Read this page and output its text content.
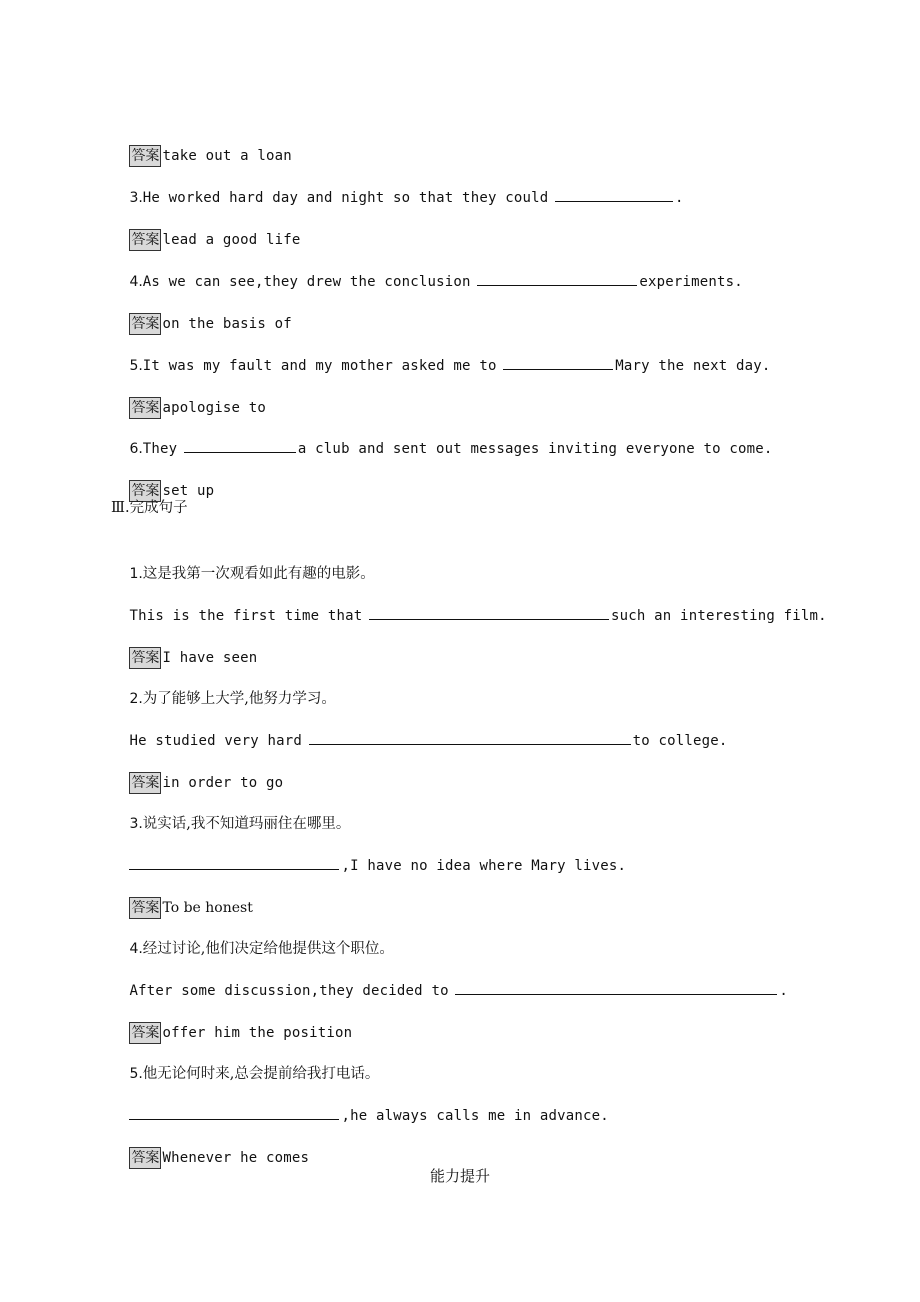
答案 take out a loan

3.He worked hard day and night so that they could	.

答案 lead a good life

4.As we can see,they drew the conclusion	experiments.

答案 on the basis of

5.It was my fault and my mother asked me to	Mary the next day.

答案 apologise to

6.They	a club and sent out messages inviting everyone to come.

答案 set up

Ⅲ.完成句子

1.这是我第一次观看如此有趣的电影。

This is the first time that	such an interesting film.

答案 I have seen

2.为了能够上大学,他努力学习。

He studied very hard	to college.

答案 in order to go

3.说实话,我不知道玛丽住在哪里。

,I have no idea where Mary lives.

答案 To be honest

4.经过讨论,他们决定给他提供这个职位。

After some discussion,they decided to	.

答案 offer him the position

5.他无论何时来,总会提前给我打电话。

,he always calls me in advance.

答案 Whenever he comes

能力提升
